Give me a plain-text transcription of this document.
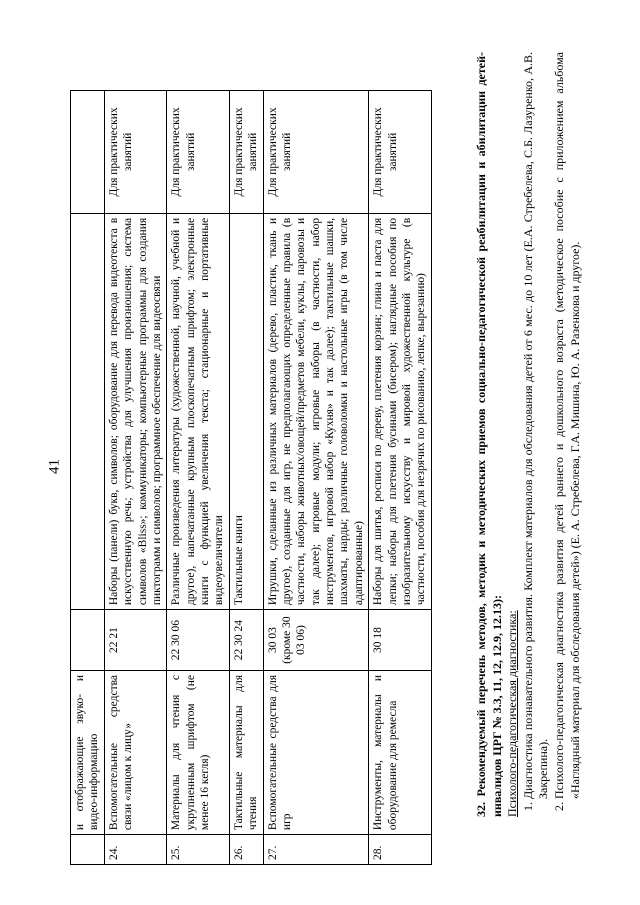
41
	и отображающие звуко- и видео-информацию			
24.	Вспомогательные средства связи «лицом к лицу»	22 21	Наборы (панели) букв, символов; оборудование для перевода видеотекста в искусственную речь; устройства для улучшения произношения; система символов «Bliss»; коммуникаторы; компьютерные программы для создания пиктограмм и символов; программное обеспечение для видеосвязи	Для практических занятий
25.	Материалы для чтения с укрупненным шрифтом (не менее 16 кегля)	22 30 06	Различные произведения литературы (художественной, научной, учебной и другое), напечатанные крупным плоскопечатным шрифтом; электронные книги с функцией увеличения текста; стационарные и портативные видеоувеличители	Для практических занятий
26.	Тактильные материалы для чтения	22 30 24	Тактильные книги	Для практических занятий
27.	Вспомогательные средства для игр	30 03 (кроме 30 03 06)	Игрушки, сделанные из различных материалов (дерево, пластик, ткань и другое), созданные для игр, не предполагающих определенные правила (в частности, наборы животных/овощей/предметов мебели, куклы, паровозы и так далее); игровые модули; игровые наборы (в частности, набор инструментов, игровой набор «Кухня» и так далее); тактильные шашки, шахматы, нарды; различные головоломки и настольные игры (в том числе адаптированные)	Для практических занятий
28.	Инструменты, материалы и оборудование для ремесла	30 18	Наборы для шитья, роспиcи по дереву, плетения корзин; глина и паста для лепки; наборы для плетения бусинами (бисером); наглядные пособия по изобразительному искусству и мировой художественной культуре (в частности, пособия для незрячих по рисованию, лепке, вырезанию)	Для практических занятий	32. Рекомендуемый перечень методов, методик и методических приемов социально-педагогической реабилитации и абилитации детей-инвалидов ЦРГ № 3.3, 11, 12, 12.9, 12.13): Психолого-педагогическая диагностика: 1. Диагностика познавательного развития. Комплект материалов для обследования детей от 6 мес. до 10 лет (Е.А. Стребелева, С.Б. Лазуренко, А.В. Закрепина). 2. Психолого-педагогическая диагностика развития детей раннего и дошкольного возраста (методическое пособие с приложением альбома «Наглядный материал для обследования детей») (Е. А. Стребелева, Г.А. Мишина, Ю. А. Разенкова и другое).
